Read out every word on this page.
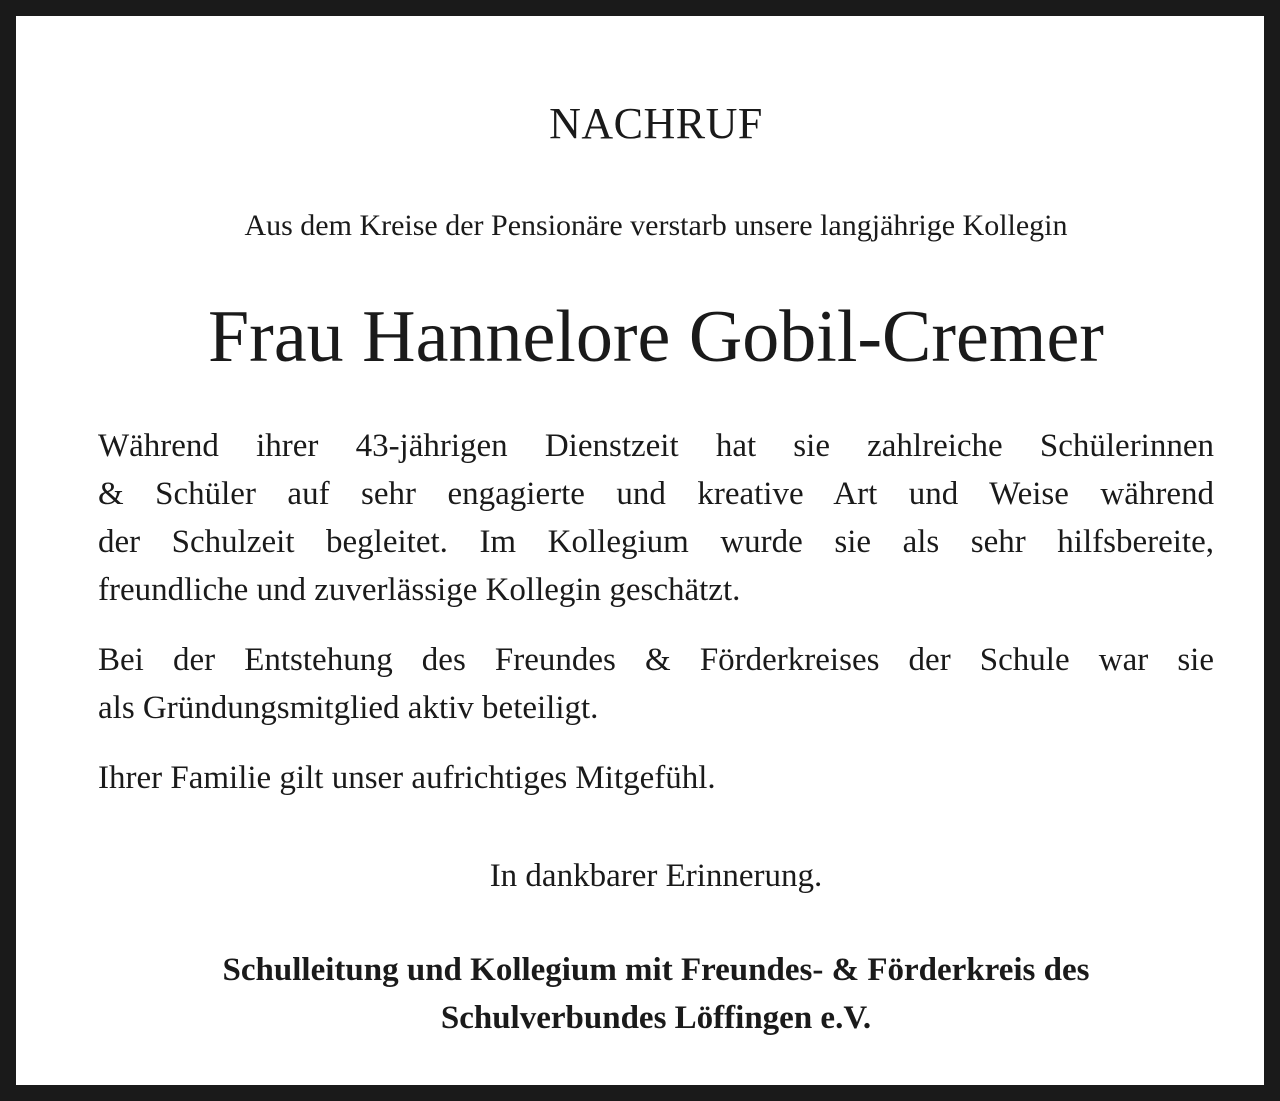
NACHRUF
Aus dem Kreise der Pensionäre verstarb unsere langjährige Kollegin
Frau Hannelore Gobil-Cremer
Während ihrer 43-jährigen Dienstzeit hat sie zahlreiche Schülerinnen
& Schüler auf sehr engagierte und kreative Art und Weise während
der Schulzeit begleitet. Im Kollegium wurde sie als sehr hilfsbereite,
freundliche und zuverlässige Kollegin geschätzt.
Bei der Entstehung des Freundes & Förderkreises der Schule war sie
als Gründungsmitglied aktiv beteiligt.
Ihrer Familie gilt unser aufrichtiges Mitgefühl.
In dankbarer Erinnerung.
Schulleitung und Kollegium mit Freundes- & Förderkreis des
Schulverbundes Löffingen e.V.
